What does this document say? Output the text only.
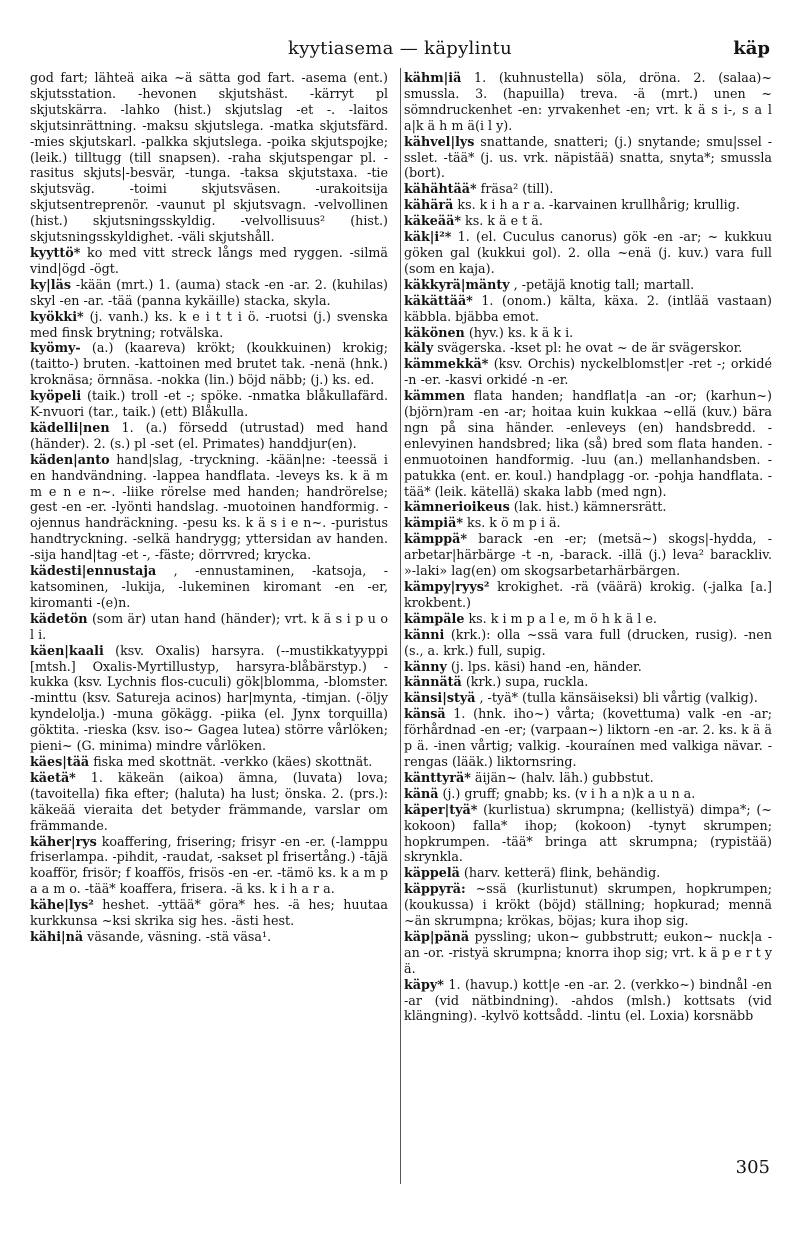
kyytiasema — käpylintu	käp
god fart; lähteä aika ~ä sätta god fart. -asema (ent.) skjutsstation. -hevonen skjutshäst. -kärryt pl skjutskärra. -lahko (hist.) skjutslag -et -. -laitos skjutsinrättning. -maksu skjutslega. -matka skjutsfärd. -mies skjutskarl. -palkka skjutslega. -poika skjutspojke; (leik.) tilltugg (till snapsen). -raha skjutspengar pl. -rasitus skjuts|-besvär, -tunga. -taksa skjutstaxa. -tie skjutsväg. -toimi skjutsväsen. -urakoitsija skjutsentreprenör. -vaunut pl skjutsvagn. -velvollinen (hist.) skjutsningsskyldig. -velvollisuus² (hist.) skjutsningsskyldighet. -väli skjutshåll.
kyyttö* ko med vitt streck långs med ryggen. -silmä vind|ögd -ögt.
ky|läs -kään (mrt.) 1. (auma) stack -en -ar. 2. (kuhilas) skyl -en -ar. -tää (panna kykäille) stacka, skyla.
kyökki* (j. vanh.) ks. k e i t t i ö. -ruotsi (j.) svenska med finsk brytning; rotvälska.
kyömy- (a.) (kaareva) krökt; (koukkuinen) krokig; (taitto-) bruten. -kattoinen med brutet tak. -nenä (hnk.) kroknäsa; örnnäsa. -nokka (lin.) böjd näbb; (j.) ks. ed.
kyöpeli (taik.) troll -et -; spöke. -nmatka blåkullafärd. K-nvuori (tar., taik.) (ett) Blåkulla.
kädelli|nen 1. (a.) försedd (utrustad) med hand (händer). 2. (s.) pl -set (el. Primates) handdjur(en).
käden|anto hand|slag, -tryckning. -kään|ne: -teessä i en handvändning. -lappea handflata. -leveys ks. k ä m m e n e n~. -liike rörelse med handen; handrörelse; gest -en -er. -lyönti handslag. -muotoinen handformig. -ojennus handräckning. -pesu ks. k ä s i e n~. -puristus handtryckning. -selkä handrygg; yttersidan av handen. -sija hand|tag -et -, -fäste; dörrvred; krycka.
kädesti|ennustaja , -ennustaminen, -katsoja, -katsominen, -lukija, -lukeminen kiromant -en -er, kiromanti -(e)n.
kädetön (som är) utan hand (händer); vrt. k ä s i p u o l i.
käen|kaali (ksv. Oxalis) harsyra. (--mustikkatyyppi [mtsh.] Oxalis-Myrtillustyp, harsyra-blåbärstyp.) -kukka (ksv. Lychnis flos-cuculi) gök|blomma, -blomster. -minttu (ksv. Satureja acinos) har|mynta, -timjan. (-öljy kyndelolja.) -muna gökägg. -piika (el. Jynx torquilla) göktita. -rieska (ksv. iso~ Gagea lutea) större vårlöken; pieni~ (G. minima) mindre vårlöken.
käes|tää fiska med skottnät. -verkko (käes) skottnät.
käetä* 1. käkeän (aikoa) ämna, (luvata) lova; (tavoitella) fika efter; (haluta) ha lust; önska. 2. (prs.): käkeää vieraita det betyder främmande, varslar om främmande.
käher|rys koaffering, frisering; frisyr -en -er. (-lamppu friserlampa. -pihdit, -raudat, -sakset pl frisertång.) -tājä koafför, frisör; f koaffös, frisös -en -er. -tämö ks. k a m p a a m o. -tää* koaffera, frisera. -ä ks. k i h a r a.
kähe|lys² heshet. -yttää* göra* hes. -ä hes; huutaa kurkkunsa ~ksi skrika sig hes. -ästi hest.
kähi|nä väsande, väsning. -stä väsa¹.
kähm|iä 1. (kuhnustella) söla, dröna. 2. (salaa)~ smussla. 3. (hapuilla) treva. -ä (mrt.) unen ~ sömndruckenhet -en: yrvakenhet -en; vrt. k ä s i-, s a l a|k ä h m ä(i l y).
kähvel|lys snattande, snatteri; (j.) snytande; smu|ssel -sslet. -tää* (j. us. vrk. näpistää) snatta, snyta*; smussla (bort).
kähähtää* fräsa² (till).
kähärä ks. k i h a r a. -karvainen krullhårig; krullig.
käkeää* ks. k ä e t ä.
käk|i²* 1. (el. Cuculus canorus) gök -en -ar; ~ kukkuu göken gal (kukkui gol). 2. olla ~enä (j. kuv.) vara full (som en kaja).
käkkyrä|mänty , -petäjä knotig tall; martall.
käkättää* 1. (onom.) kälta, käxa. 2. (intlää vastaan) käbbla. bjäbba emot.
käkönen (hyv.) ks. k ä k i.
käly svägerska. -kset pl: he ovat ~ de är svägerskor.
kämmekkä* (ksv. Orchis) nyckelblomst|er -ret -; orkidé -n -er. -kasvi orkidé -n -er.
kämmen flata handen; handflat|a -an -or; (karhun~) (björn)ram -en -ar; hoitaa kuin kukkaa ~ellä (kuv.) bära ngn på sina händer. -enleveys (en) handsbredd. -enlevyinen handsbred; lika (så) bred som flata handen. -enmuotoinen handformig. -luu (an.) mellanhandsben. -patukka (ent. er. koul.) handplagg -or. -pohja handflata. -tää* (leik. kätellä) skaka labb (med ngn).
kämnerioikeus (lak. hist.) kämnersrätt.
kämpiä* ks. k ö m p i ä.
kämppä* barack -en -er; (metsä~) skogs|-hydda, -arbetar|härbärge -t -n, -barack. -illä (j.) leva² barackliv. »-laki» lag(en) om skogsarbetarhärbärgen.
kämpy|ryys² krokighet. -rä (väärä) krokig. (-jalka [a.] krokbent.)
kämpäle ks. k i m p a l e, m ö h k ä l e.
känni (krk.): olla ~ssä vara full (drucken, rusig). -nen (s., a. krk.) full, supig.
känny (j. lps. käsi) hand -en, händer.
kännätä (krk.) supa, ruckla.
känsi|styä , -tyä* (tulla känsäiseksi) bli vårtig (valkig).
känsä 1. (hnk. iho~) vårta; (kovettuma) valk -en -ar; förhårdnad -en -er; (varpaan~) liktorn -en -ar. 2. ks. k ä ä p ä. -inen vårtig; valkig. -kouraínen med valkiga nävar. -rengas (lääk.) liktornsring.
känttyrä* äijän~ (halv. läh.) gubbstut.
känä (j.) gruff; gnabb; ks. (v i h a n)k a u n a.
käper|tyä* (kurlistua) skrumpna; (kellistyä) dimpa*; (~ kokoon) falla* ihop; (kokoon) -tynyt skrumpen; hopkrumpen. -tää* bringa att skrumpna; (rypistää) skrynkla.
käppelä (harv. ketterä) flink, behändig.
käppyrä: ~ssä (kurlistunut) skrumpen, hopkrumpen; (koukussa) i krökt (böjd) ställning; hopkurad; mennä ~än skrumpna; krökas, böjas; kura ihop sig.
käp|pänä pyssling; ukon~ gubbstrutt; eukon~ nuck|a -an -or. -ristyä skrumpna; knorra ihop sig; vrt. k ä p e r t y ä.
käpy* 1. (havup.) kott|e -en -ar. 2. (verkko~) bindnål -en -ar (vid nätbindning). -ahdos (mlsh.) kottsats (vid klängning). -kylvö kottsådd. -lintu (el. Loxia) korsnäbb
305
